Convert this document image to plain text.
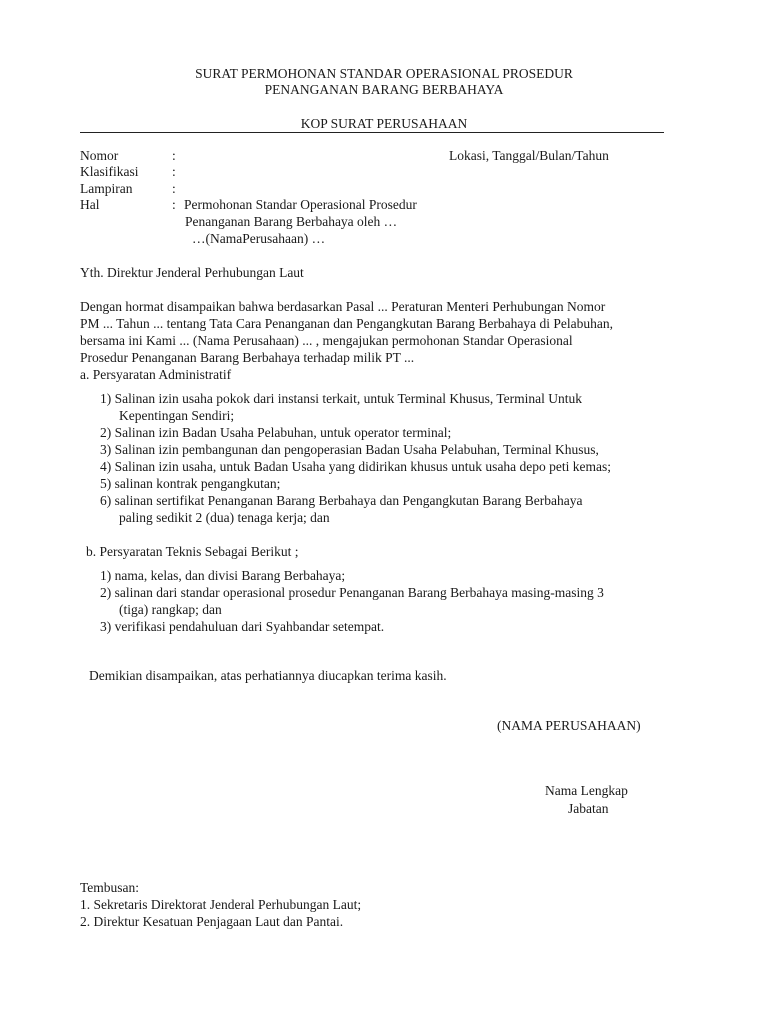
SURAT PERMOHONAN STANDAR OPERASIONAL PROSEDUR
PENANGANAN BARANG BERBAHAYA
KOP SURAT PERUSAHAAN
Lokasi, Tanggal/Bulan/Tahun
Nomor	:
Klasifikasi :
Lampiran	:
Hal	: Permohonan Standar Operasional Prosedur
Penanganan Barang Berbahaya oleh …
…(NamaPerusahaan) …
Yth. Direktur Jenderal Perhubungan Laut
Dengan hormat disampaikan bahwa berdasarkan Pasal ... Peraturan Menteri Perhubungan Nomor
PM ... Tahun ... tentang Tata Cara Penanganan dan Pengangkutan Barang Berbahaya di Pelabuhan,
bersama ini Kami ... (Nama Perusahaan) ... , mengajukan permohonan Standar Operasional
Prosedur Penanganan Barang Berbahaya terhadap milik PT ...
a. Persyaratan Administratif
1) Salinan izin usaha pokok dari instansi terkait, untuk Terminal Khusus, Terminal Untuk
Kepentingan Sendiri;
2) Salinan izin Badan Usaha Pelabuhan, untuk operator terminal;
3) Salinan izin pembangunan dan pengoperasian Badan Usaha Pelabuhan, Terminal Khusus,
4) Salinan izin usaha, untuk Badan Usaha yang didirikan khusus untuk usaha depo peti kemas;
5) salinan kontrak pengangkutan;
6) salinan sertifikat Penanganan Barang Berbahaya dan Pengangkutan Barang Berbahaya
paling sedikit 2 (dua) tenaga kerja; dan
b. Persyaratan Teknis Sebagai Berikut ;
1) nama, kelas, dan divisi Barang Berbahaya;
2) salinan dari standar operasional prosedur Penanganan Barang Berbahaya masing-masing 3
(tiga) rangkap; dan
3) verifikasi pendahuluan dari Syahbandar setempat.
Demikian disampaikan, atas perhatiannya diucapkan terima kasih.
(NAMA PERUSAHAAN)
Nama Lengkap
Jabatan
Tembusan:
1. Sekretaris Direktorat Jenderal Perhubungan Laut;
2. Direktur Kesatuan Penjagaan Laut dan Pantai.
